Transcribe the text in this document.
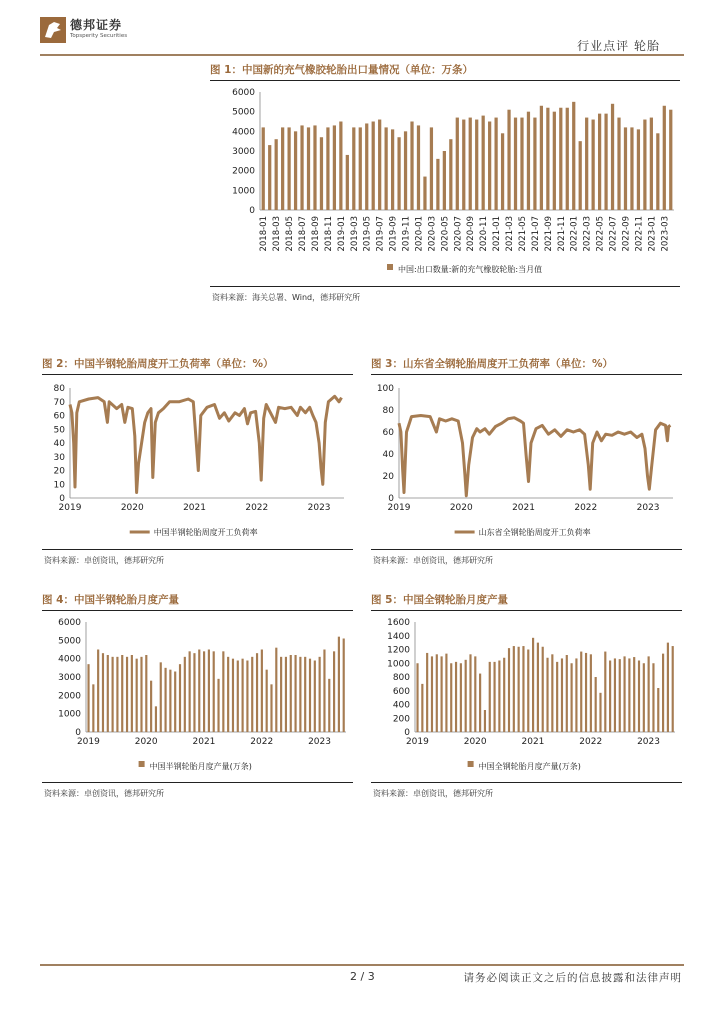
德邦证券
Topsperity Securities
行业点评 轮胎
图 1：中国新的充气橡胶轮胎出口量情况（单位：万条）
0
1000
2000
3000
4000
5000
6000
2018-01 2018-03 2018-05 2018-07 2018-09 2018-11 2019-01 2019-03 2019-05 2019-07 2019-09 2019-11 2020-01 2020-03 2020-05 2020-07 2020-09 2020-11 2021-01 2021-03 2021-05 2021-07 2021-09 2021-11 2022-01 2022-03 2022-05 2022-07 2022-09 2022-11 2023-01 2023-03
中国:出口数量:新的充气橡胶轮胎:当月值
资料来源：海关总署、Wind，德邦研究所
图 2：中国半钢轮胎周度开工负荷率（单位：%）
0
10
20
30
40
50
60
70
80
2019	2020	2021	2022	2023
中国半钢轮胎周度开工负荷率
资料来源：卓创资讯，德邦研究所
图 3：山东省全钢轮胎周度开工负荷率（单位：%）
0
20
40
60
80
100
2019	2020	2021	2022	2023
山东省全钢轮胎周度开工负荷率
资料来源：卓创资讯，德邦研究所
图 4：中国半钢轮胎月度产量
0
1000
2000
3000
4000
5000
6000
2019	2020	2021	2022	2023
中国半钢轮胎月度产量(万条)
资料来源：卓创资讯，德邦研究所
图 5：中国全钢轮胎月度产量
0
200
400
600
800
1000
1200
1400
1600
2019	2020	2021	2022	2023
中国全钢轮胎月度产量(万条)
资料来源：卓创资讯，德邦研究所
2 / 3	请务必阅读正文之后的信息披露和法律声明
